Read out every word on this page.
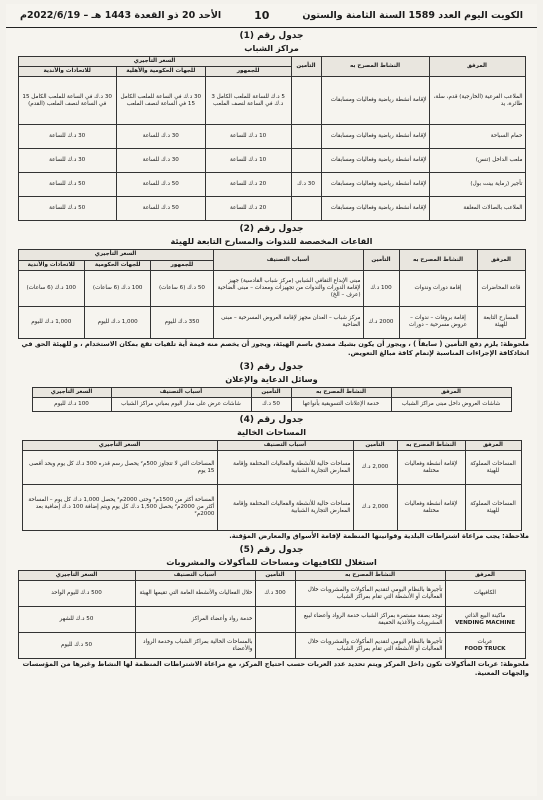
الكويت اليوم العدد 1589 السنة الثامنة والستون
10
الأحد 20 ذو القعدة 1443 هـ – 2022/6/19م
جدول رقم (1)
مراكز الشباب
المرفق	النشاط المصرح به	التأمين	السعر التأجيري		
			للجمهور	للجهات الحكومية والأهلية	للاتحادات والأندية
الملاعب الفرعية (الخارجية) قدم، سلة، طائرة، يد	لإقامة أنشطة رياضية وفعاليات ومسابقات		5 د.ك للساعة للملعب الكامل 3 د.ك في الساعة لنصف الملعب	30 د.ك في الساعة للملعب الكامل 15 في الساعة لنصف الملعب	30 د.ك في الساعة للملعب الكامل 15 في الساعة لنصف الملعب (القدم)
حمام السباحة	لإقامة أنشطة رياضية وفعاليات ومسابقات		10 د.ك للساعة	30 د.ك للساعة	30 د.ك للساعة
ملعب الداخل (تنس)	لإقامة أنشطة رياضية وفعاليات ومسابقات		10 د.ك للساعة	30 د.ك للساعة	30 د.ك للساعة
تأجير (رماية بينت بول)	لإقامة أنشطة رياضية وفعاليات ومسابقات	30 د.ك	20 د.ك للساعة	50 د.ك للساعة	50 د.ك للساعة
الملاعب بالصالات المغلقة	لإقامة أنشطة رياضية وفعاليات ومسابقات		20 د.ك للساعة	50 د.ك للساعة	50 د.ك للساعة
جدول رقم (2)
القاعات المخصصة للندوات والمسارح التابعة للهيئة
المرفق	النشاط المصرح به	التأمين	أسباب التصنيف	السعر التأجيري		
				للجمهور	للجهات الحكومية	للاتحادات والأندية
قاعة المحاضرات	إقامة دورات وندوات	100 د.ك	مبنى الإبداع الثقافي الشبابي (مركز شباب القادسية) جهيز لإقامة الدورات والندوات من تجهيزات ومعدات – مبنى الضاحية (عرف – الخ)	50 د.ك (6 ساعات)	100 د.ك (6 ساعات)	100 د.ك (6 ساعات)
المسارح التابعة للهيئة	إقامة بروفات – ندوات – عروض مسرحية – دورات	2000 د.ك	مركز شباب – العدان مجهز لإقامة العروض المسرحية – مبنى الضاحية	350 د.ك لليوم	1,000 د.ك لليوم	1,000 د.ك لليوم
ملحوظة: يلزم دفع التأمين ( سابقاً ) ، ويجوز أن يكون بشيك مصدق باسم الهيئة، ويجوز أن يخصم منه قيمة أية تلفيات تقع بمكان الاستخدام ، و للهيئة الحق في اتخاذكافة الإجراءات المناسبة لإتمام كافة مبالغ التعويض.
جدول رقم (3)
وسائل الدعاية والإعلان
المرفق	النشاط المصرح به	التأمين	أسباب التصنيف	السعر التأجيري
شاشات العروض داخل مبنى مراكز الشباب	خدمة الإعلانات التسويقية بأنواعها	50 د.ك	شاشات عرض على مدار اليوم بمباني مراكز الشباب	100 د.ك لليوم
جدول رقم (4)
المساحات الخالية
المرفق	النشاط المصرح به	التأمين	أسباب التصنيف	السعر التأجيري
المساحات المملوكة للهيئة	لإقامة أنشطة وفعاليات مختلفة	2,000 د.ك	مساحات خالية للأنشطة والفعاليات المختلفة وإقامة المعارض التجارية الشبابية	المساحات التي لا تتجاوز 500م² يحصل رسم قدره 300 د.ك كل يوم وبحد أقصى 15 يوم
المساحات المملوكة للهيئة	لإقامة أنشطة وفعاليات مختلفة	2,000 د.ك	مساحات خالية للأنشطة والفعاليات المختلفة وإقامة المعارض التجارية الشبابية	المساحة أكثر من 1500م² وحتى 2000م² يحصل 1,000 د.ك كل يوم – المساحة أكثر من 2000م² يحصل 1,500 د.ك كل يوم ويتم إضافة 100 د.ك إضافية بعد 2000م²
ملاحظة: يجب مراعاة اشتراطات البلدية وقوانينها المنظمة لإقامة الأسواق والمعارض المؤقتة.
جدول رقم (5)
استغلال للكافيهات ومساحات للمأكولات والمشروبات
المرفق	النشاط المصرح به	التأمين	أسباب التصنيف	السعر التأجيري
الكافيهات	تأجيرها بالنظام اليومي لتقديم المأكولات والمشروبات خلال الفعاليات أو الأنشطة التي تقام بمراكز الشباب	300 د.ك	خلال الفعاليات والأنشطة العامة التي تقيمها الهيئة	500 د.ك لليوم الواحد

ماكينة البيع الذاتي
VENDING MACHINE	توجد بصفة مستمرة بمراكز الشباب خدمة الرواد وأعضاء لبيع المشروبات والأغذية الخفيفة		خدمة رواد وأعضاء المراكز	50 د.ك للشهر

عربات
FOOD TRUCK	تأجيرها بالنظام اليومي لتقديم المأكولات والمشروبات خلال الفعاليات أو الأنشطة التي تقام بمراكز الشباب		بالمساحات الخالية بمراكز الشباب وخدمة الرواد والأعضاء	50 د.ك لليوم
ملحوظة: عربات المأكولات تكون داخل المركز ويتم تحديد عدد العربات حسب احتياج المركز، مع مراعاة الاشتراطات المنظمة لها النشاط وغيرها من المؤسسات والجهات المعنية.
